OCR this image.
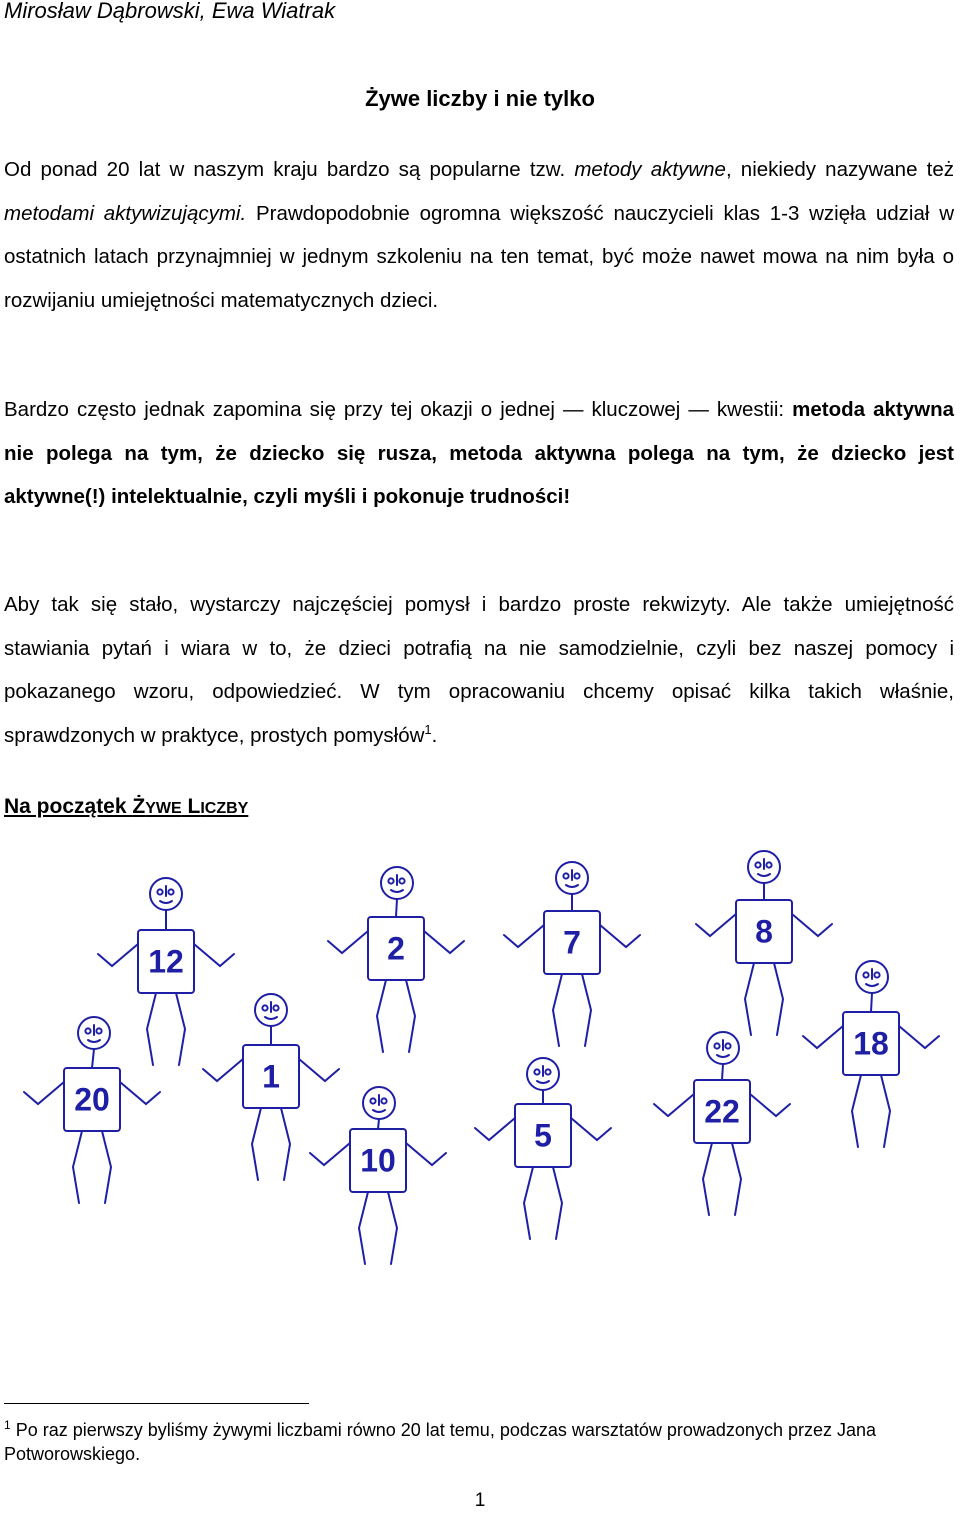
Mirosław Dąbrowski, Ewa Wiatrak
Żywe liczby i nie tylko

Od ponad 20 lat w naszym kraju bardzo są popularne tzw. metody aktywne, niekiedy nazywane też metodami aktywizującymi. Prawdopodobnie ogromna większość nauczycieli klas 1-3 wzięła udział w ostatnich latach przynajmniej w jednym szkoleniu na ten temat, być może nawet mowa na nim była o rozwijaniu umiejętności matematycznych dzieci.

Bardzo często jednak zapomina się przy tej okazji o jednej — kluczowej — kwestii: metoda aktywna nie polega na tym, że dziecko się rusza, metoda aktywna polega na tym, że dziecko jest aktywne(!) intelektualnie, czyli myśli i pokonuje trudności!

Aby tak się stało, wystarczy najczęściej pomysł i bardzo proste rekwizyty. Ale także umiejętność stawiania pytań i wiara w to, że dzieci potrafią na nie samodzielnie, czyli bez naszej pomocy i pokazanego wzoru, odpowiedzieć. W tym opracowaniu chcemy opisać kilka takich właśnie, sprawdzonych w praktyce, prostych pomysłów$^1$.

Na początek ŻYWE LICZBY
12	2	7	8
1
20
10
5
22
18
$^1$ Po raz pierwszy byliśmy żywymi liczbami równo 20 lat temu, podczas warsztatów prowadzonych przez Jana Potworowskiego.
1
